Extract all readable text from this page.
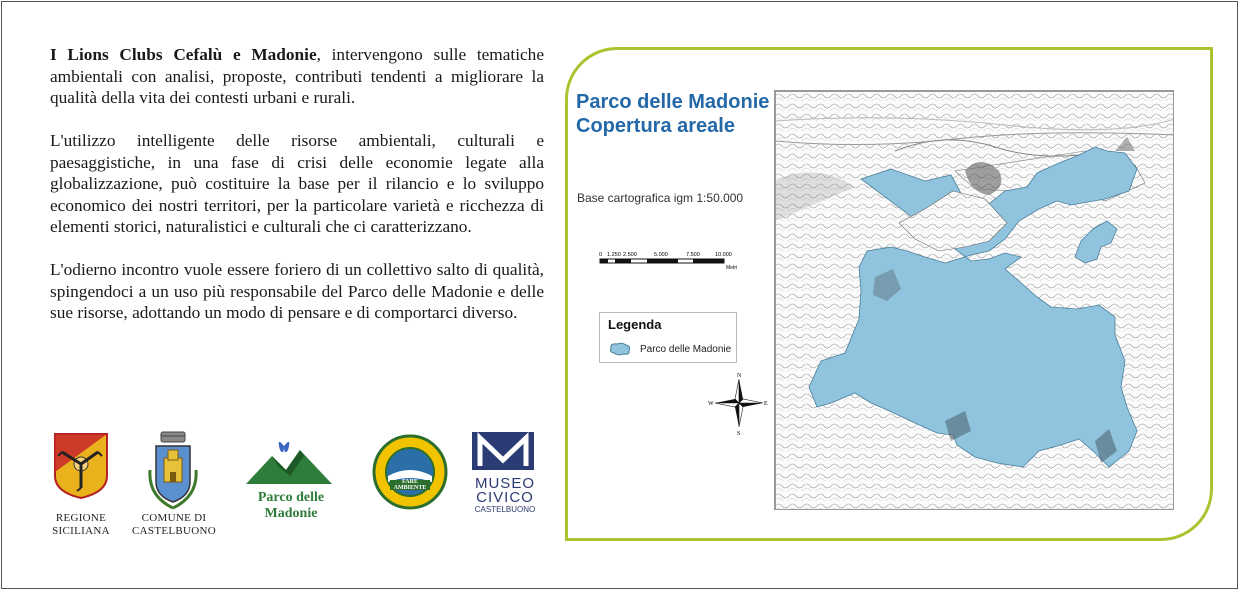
I Lions Clubs Cefalù e Madonie, intervengono sulle tematiche ambientali con analisi, proposte, contributi tendenti a migliorare la qualità della vita dei contesti urbani e rurali.

L'utilizzo intelligente delle risorse ambientali, culturali e paesaggistiche, in una fase di crisi delle economie legate alla globalizzazione, può costituire la base per il rilancio e lo sviluppo economico dei nostri territori, per la particolare varietà e ricchezza di elementi storici, naturalistici e culturali che ci caratterizzano.

L'odierno incontro vuole essere foriero di un collettivo salto di qualità, spingendoci a un uso più responsabile del Parco delle Madonie e delle sue risorse, adottando un modo di pensare e di comportarci diverso.

REGIONE
SICILIANA
COMUNE DI
CASTELBUONO
Parco delle Madonie
FARE AMBIENTE	MUSEO
CIVICO
CASTELBUONO
Parco delle Madonie
Copertura areale
Base cartografica igm 1:50.000
0 1.250 2.500	5.000	7.500	10.000
Metri
Legenda
Parco delle Madonie
N
S
E
W
